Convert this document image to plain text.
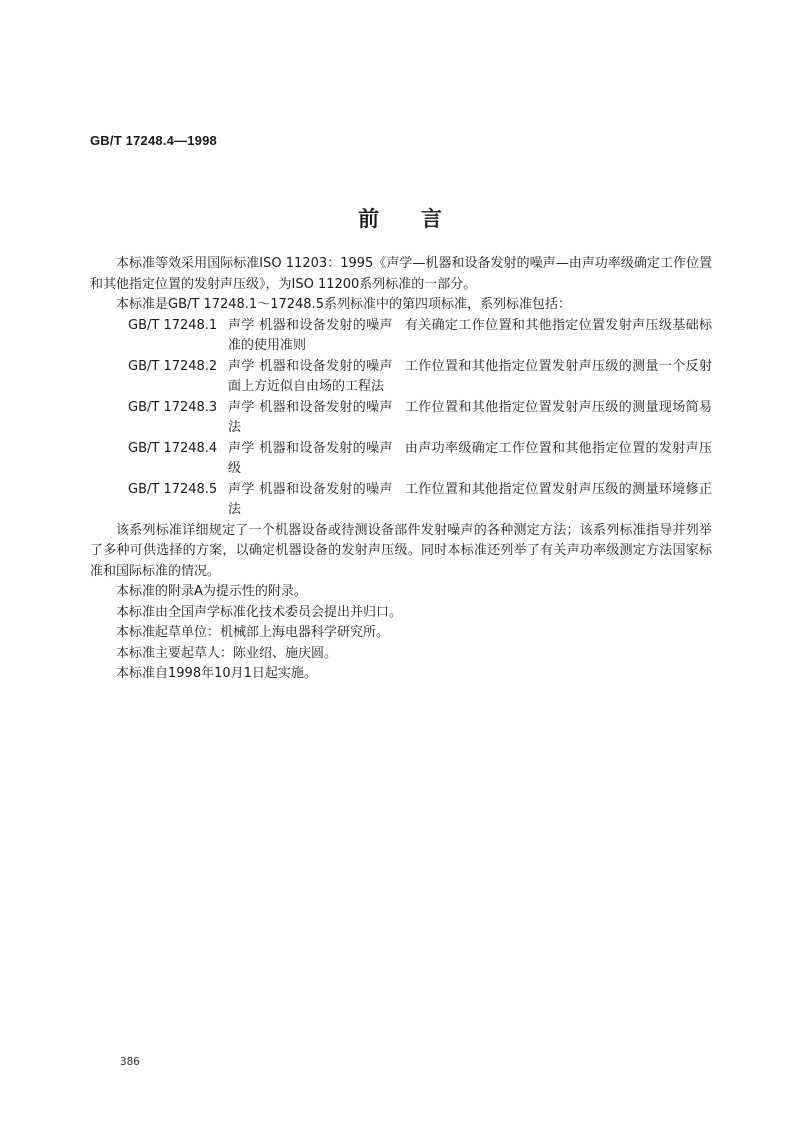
GB/T 17248.4—1998
前言

本标准等效采用国际标准ISO 11203：1995《声学—机器和设备发射的噪声—由声功率级确定工作位置和其他指定位置的发射声压级》，为ISO 11200系列标准的一部分。

本标准是GB/T 17248.1～17248.5系列标准中的第四项标准，系列标准包括：

GB/T 17248.1 声学 机器和设备发射的噪声 有关确定工作位置和其他指定位置发射声压级基础标准的使用准则
GB/T 17248.2 声学 机器和设备发射的噪声 工作位置和其他指定位置发射声压级的测量一个反射面上方近似自由场的工程法
GB/T 17248.3 声学 机器和设备发射的噪声 工作位置和其他指定位置发射声压级的测量现场简易法
GB/T 17248.4 声学 机器和设备发射的噪声 由声功率级确定工作位置和其他指定位置的发射声压级
GB/T 17248.5 声学 机器和设备发射的噪声 工作位置和其他指定位置发射声压级的测量环境修正法

该系列标准详细规定了一个机器设备或待测设备部件发射噪声的各种测定方法；该系列标准指导并列举了多种可供选择的方案，以确定机器设备的发射声压级。同时本标准还列举了有关声功率级测定方法国家标准和国际标准的情况。

本标准的附录A为提示性的附录。

本标准由全国声学标准化技术委员会提出并归口。

本标准起草单位：机械部上海电器科学研究所。

本标准主要起草人：陈业绍、施庆圆。

本标准自1998年10月1日起实施。

386
